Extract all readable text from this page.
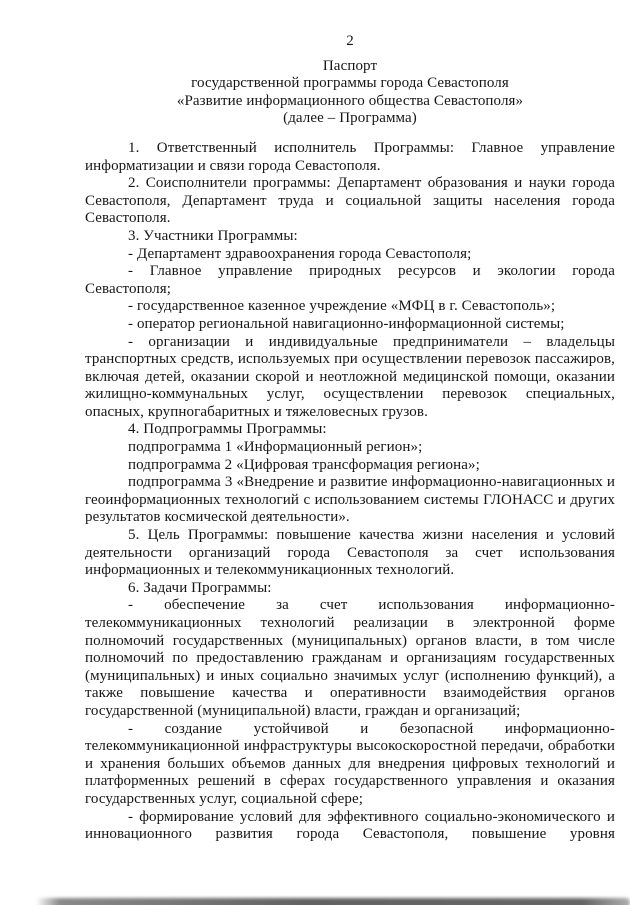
2

Паспорт

государственной программы города Севастополя

«Развитие информационного общества Севастополя»

(далее – Программа)

1. Ответственный исполнитель Программы: Главное управление информатизации и связи города Севастополя.

2. Соисполнители программы: Департамент образования и науки города Севастополя, Департамент труда и социальной защиты населения города Севастополя.

3. Участники Программы:

- Департамент здравоохранения города Севастополя;

- Главное управление природных ресурсов и экологии города Севастополя;

- государственное казенное учреждение «МФЦ в г. Севастополь»;

- оператор региональной навигационно-информационной системы;

- организации и индивидуальные предприниматели – владельцы транспортных средств, используемых при осуществлении перевозок пассажиров, включая детей, оказании скорой и неотложной медицинской помощи, оказании жилищно-коммунальных услуг, осуществлении перевозок специальных, опасных, крупногабаритных и тяжеловесных грузов.

4. Подпрограммы Программы:

подпрограмма 1 «Информационный регион»;

подпрограмма 2 «Цифровая трансформация региона»;

подпрограмма 3 «Внедрение и развитие информационно-навигационных и геоинформационных технологий с использованием системы ГЛОНАСС и других результатов космической деятельности».

5. Цель Программы: повышение качества жизни населения и условий деятельности организаций города Севастополя за счет использования информационных и телекоммуникационных технологий.

6. Задачи Программы:

- обеспечение за счет использования информационно-телекоммуникационных технологий реализации в электронной форме полномочий государственных (муниципальных) органов власти, в том числе полномочий по предоставлению гражданам и организациям государственных (муниципальных) и иных социально значимых услуг (исполнению функций), а также повышение качества и оперативности взаимодействия органов государственной (муниципальной) власти, граждан и организаций;

- создание устойчивой и безопасной информационно-телекоммуникационной инфраструктуры высокоскоростной передачи, обработки и хранения больших объемов данных для внедрения цифровых технологий и платформенных решений в сферах государственного управления и оказания государственных услуг, социальной сфере;

- формирование условий для эффективного социально-экономического и инновационного развития города Севастополя, повышение уровня
